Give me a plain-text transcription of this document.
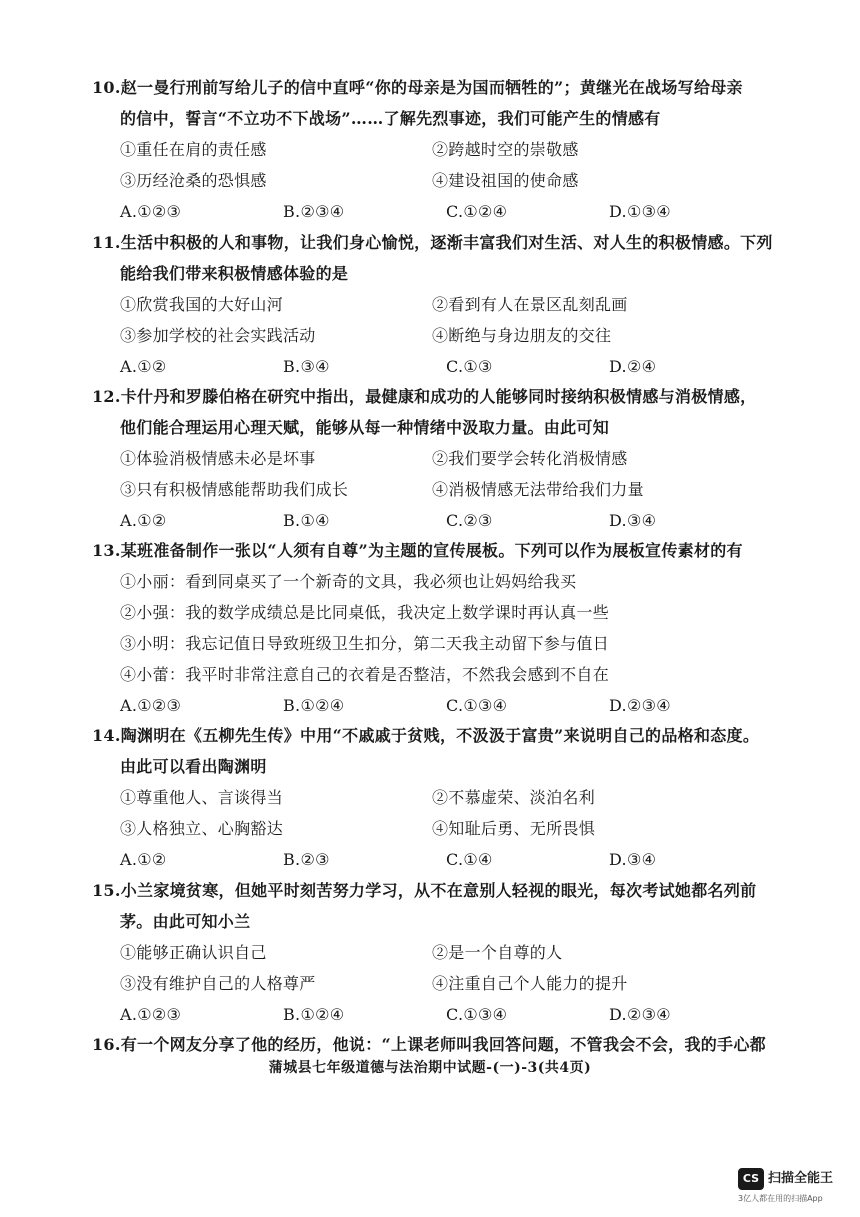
10.赵一曼行刑前写给儿子的信中直呼“你的母亲是为国而牺牲的”；黄继光在战场写给母亲
的信中，誓言“不立功不下战场”……了解先烈事迹，我们可能产生的情感有
①重任在肩的责任感	②跨越时空的崇敬感
③历经沧桑的恐惧感	④建设祖国的使命感
A.①②③	B.②③④	C.①②④	D.①③④
11.生活中积极的人和事物，让我们身心愉悦，逐渐丰富我们对生活、对人生的积极情感。下列
能给我们带来积极情感体验的是
①欣赏我国的大好山河	②看到有人在景区乱刻乱画
③参加学校的社会实践活动	④断绝与身边朋友的交往
A.①②	B.③④	C.①③	D.②④
12.卡什丹和罗滕伯格在研究中指出，最健康和成功的人能够同时接纳积极情感与消极情感，
他们能合理运用心理天赋，能够从每一种情绪中汲取力量。由此可知
①体验消极情感未必是坏事	②我们要学会转化消极情感
③只有积极情感能帮助我们成长	④消极情感无法带给我们力量
A.①②	B.①④	C.②③	D.③④
13.某班准备制作一张以“人须有自尊”为主题的宣传展板。下列可以作为展板宣传素材的有
①小丽：看到同桌买了一个新奇的文具，我必须也让妈妈给我买
②小强：我的数学成绩总是比同桌低，我决定上数学课时再认真一些
③小明：我忘记值日导致班级卫生扣分，第二天我主动留下参与值日
④小蕾：我平时非常注意自己的衣着是否整洁，不然我会感到不自在
A.①②③	B.①②④	C.①③④	D.②③④
14.陶渊明在《五柳先生传》中用“不戚戚于贫贱，不汲汲于富贵”来说明自己的品格和态度。
由此可以看出陶渊明
①尊重他人、言谈得当	②不慕虚荣、淡泊名利
③人格独立、心胸豁达	④知耻后勇、无所畏惧
A.①②	B.②③	C.①④	D.③④
15.小兰家境贫寒，但她平时刻苦努力学习，从不在意别人轻视的眼光，每次考试她都名列前
茅。由此可知小兰
①能够正确认识自己	②是一个自尊的人
③没有维护自己的人格尊严	④注重自己个人能力的提升
A.①②③	B.①②④	C.①③④	D.②③④
16.有一个网友分享了他的经历，他说：“上课老师叫我回答问题，不管我会不会，我的手心都
蒲城县七年级道德与法治期中试题-(一)-3(共4页)
CS 扫描全能王
3亿人都在用的扫描App
